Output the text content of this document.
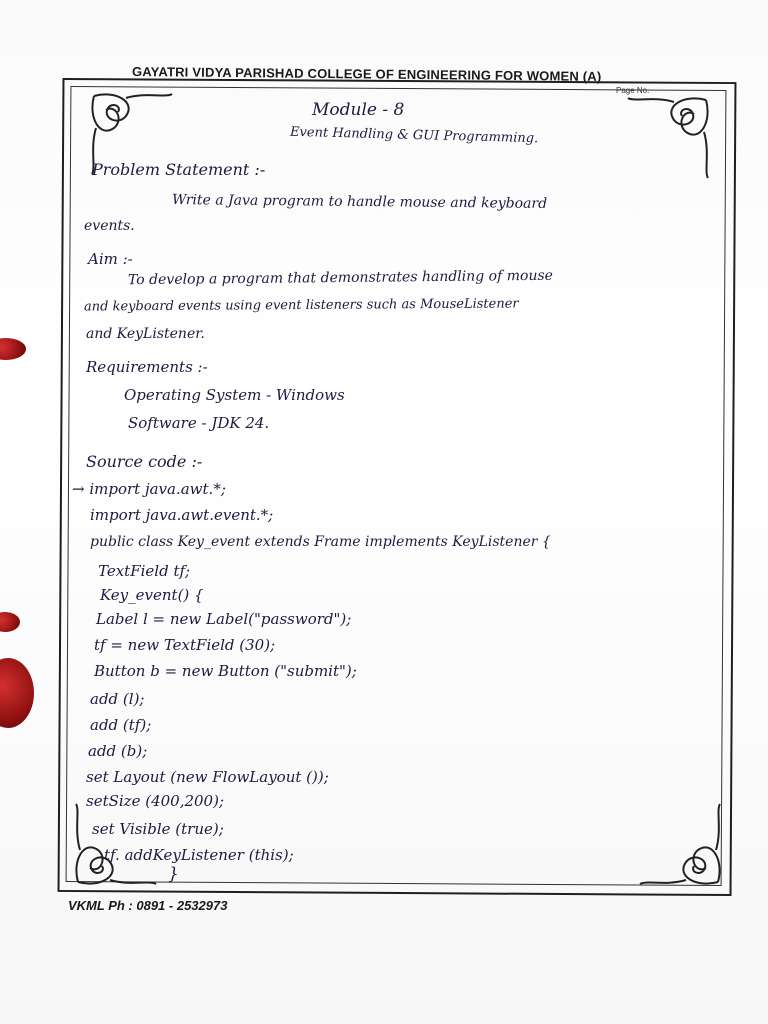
GAYATRI VIDYA PARISHAD COLLEGE OF ENGINEERING FOR WOMEN (A)
Page No.
Module - 8
Event Handling & GUI Programming.
Problem Statement :-
Write a Java program to handle mouse and keyboard
events.
Aim :-
To develop a program that demonstrates handling of mouse
and keyboard events using event listeners such as MouseListener
and KeyListener.
Requirements :-
Operating System - Windows
Software - JDK 24.
Source code :-
→ import java.awt.*;
import java.awt.event.*;
public class Key_event extends Frame implements KeyListener {
TextField tf;
Key_event() {
Label l = new Label("password");
tf = new TextField (30);
Button b = new Button ("submit");
add (l);
add (tf);
add (b);
set Layout (new FlowLayout ());
setSize (400,200);
set Visible (true);
tf. addKeyListener (this);
}
VKML Ph : 0891 - 2532973
